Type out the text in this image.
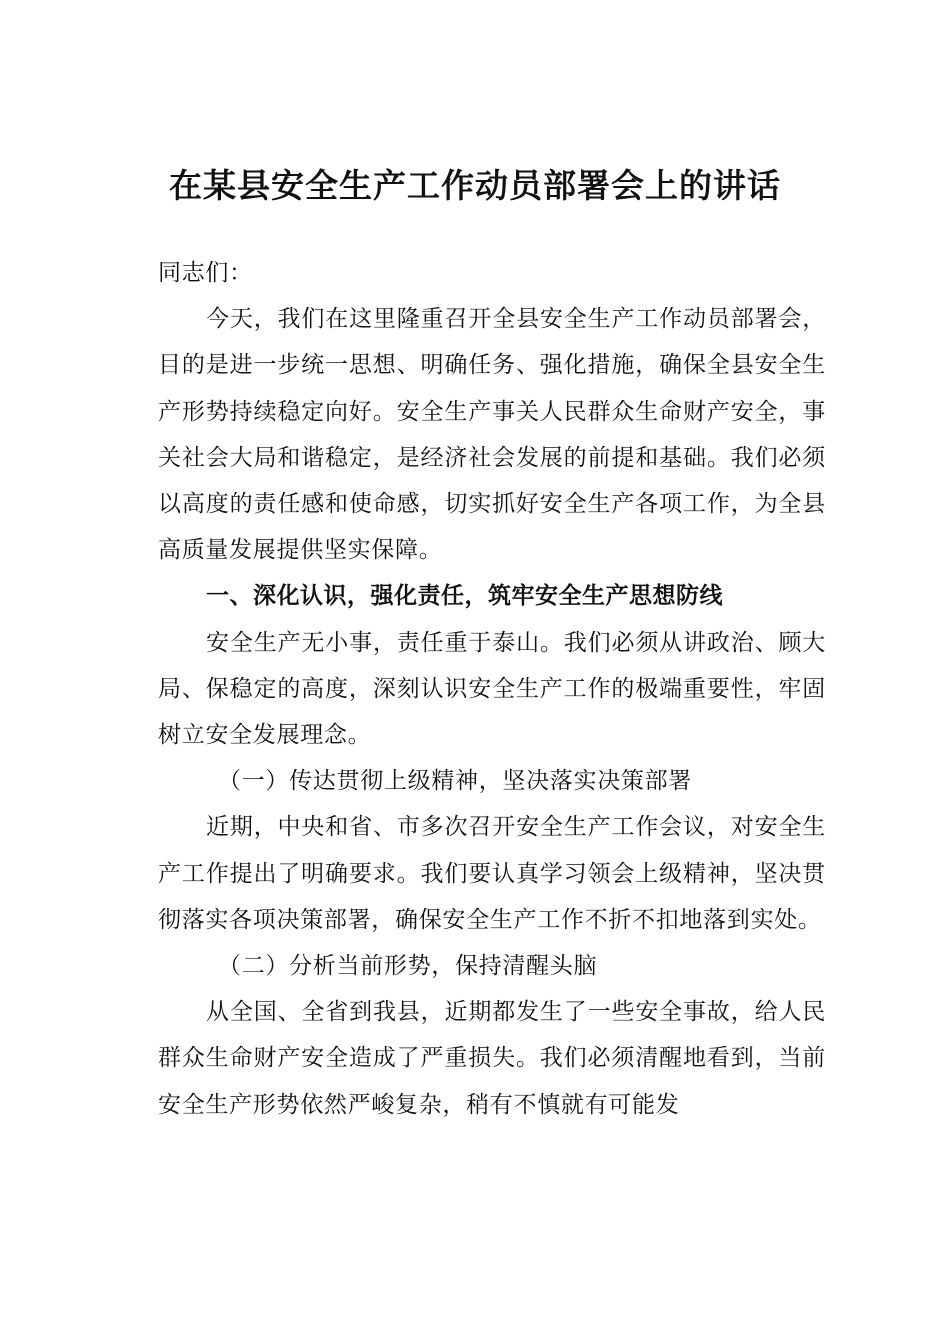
在某县安全生产工作动员部署会上的讲话

同志们：

今天，我们在这里隆重召开全县安全生产工作动员部署会，目的是进一步统一思想、明确任务、强化措施，确保全县安全生产形势持续稳定向好。安全生产事关人民群众生命财产安全，事关社会大局和谐稳定，是经济社会发展的前提和基础。我们必须以高度的责任感和使命感，切实抓好安全生产各项工作，为全县高质量发展提供坚实保障。

一、深化认识，强化责任，筑牢安全生产思想防线

安全生产无小事，责任重于泰山。我们必须从讲政治、顾大局、保稳定的高度，深刻认识安全生产工作的极端重要性，牢固树立安全发展理念。

（一）传达贯彻上级精神，坚决落实决策部署

近期，中央和省、市多次召开安全生产工作会议，对安全生产工作提出了明确要求。我们要认真学习领会上级精神，坚决贯彻落实各项决策部署，确保安全生产工作不折不扣地落到实处。

（二）分析当前形势，保持清醒头脑

从全国、全省到我县，近期都发生了一些安全事故，给人民群众生命财产安全造成了严重损失。我们必须清醒地看到，当前安全生产形势依然严峻复杂，稍有不慎就有可能发
